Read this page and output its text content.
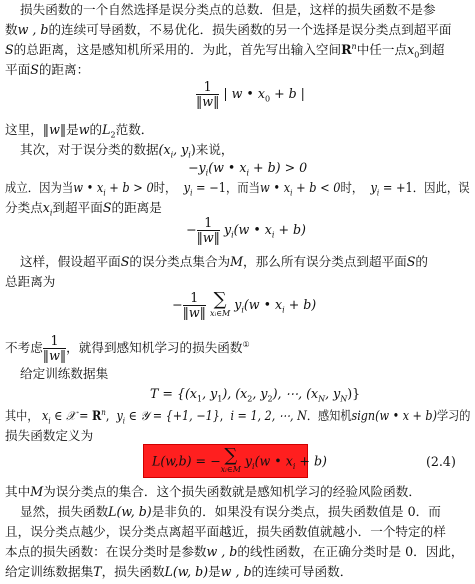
损失函数的一个自然选择是误分类点的总数．但是，这样的损失函数不是参
数w , b的连续可导函数，不易优化．损失函数的另一个选择是误分类点到超平面
S的总距离，这是感知机所采用的．为此，首先写出输入空间$R^n$中任一点$x_0$到超
平面S的距离：
$\frac{1}{‖w‖}$ | w • $x_0 + b$ |
这里，‖w‖是w的$L_2$范数．
其次，对于误分类的数据($x_i$, $y_i$)来说，
$-y_i(w$ • $x_i + b) > 0$
成立．因为当w • $x_i + b > 0$时， $y_i = -1$，而当w • $x_i + b < 0$时， $y_i = +1$．因此，误
分类点$x_i$到超平面S的距离是
− $\frac{1}{‖w‖} y_i(w$ • $x_i + b$)
这样，假设超平面S的误分类点集合为M，那么所有误分类点到超平面S的
总距离为
− $\frac{1}{‖w‖}$
∑
xᵢ∈M
$y_i(w$ • $x_i + b$)
不考虑 $\frac{1}{‖w‖}$ ，就得到感知机学习的损失函数①
给定训练数据集
$T = \{(x_1$, $y_1$), ($x_2$, $y_2$), ⋯, ($x_N$, $y_N$)}
其中， $x_i$ ∈ 𝒳 = $R^n$,  $y_i$ ∈ 𝒴 = {+1, −1},  i = 1, 2, ⋯, N．感知机sign(w • x + b)学习的
损失函数定义为
L(w,b) = − ∑
xᵢ∈M
$y_i(w$ • $x_i + b$)	(2.4)
其中M为误分类点的集合．这个损失函数就是感知机学习的经验风险函数．
显然，损失函数L(w, b)是非负的．如果没有误分类点，损失函数值是 0．而
且，误分类点越少，误分类点离超平面越近，损失函数值就越小．一个特定的样
本点的损失函数：在误分类时是参数w , b的线性函数，在正确分类时是 0．因此，
给定训练数据集T，损失函数L(w, b)是w , b的连续可导函数．
